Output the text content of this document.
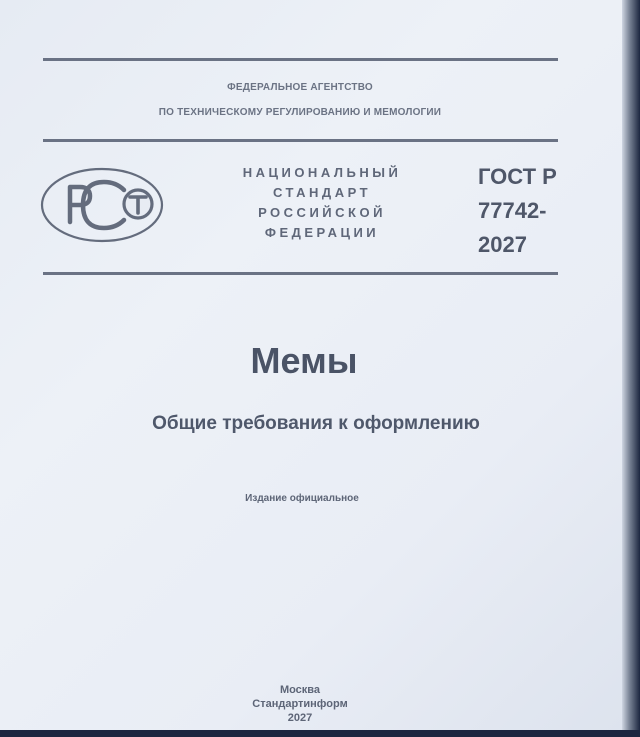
ФЕДЕРАЛЬНОЕ АГЕНТСТВО
ПО ТЕХНИЧЕСКОМУ РЕГУЛИРОВАНИЮ И МЕМОЛОГИИ
НАЦИОНАЛЬНЫЙ
СТАНДАРТ
РОССИЙСКОЙ
ФЕДЕРАЦИИ
ГОСТ Р
77742-
2027
Мемы
Общие требования к оформлению
Издание официальное
Москва
Стандартинформ
2027
